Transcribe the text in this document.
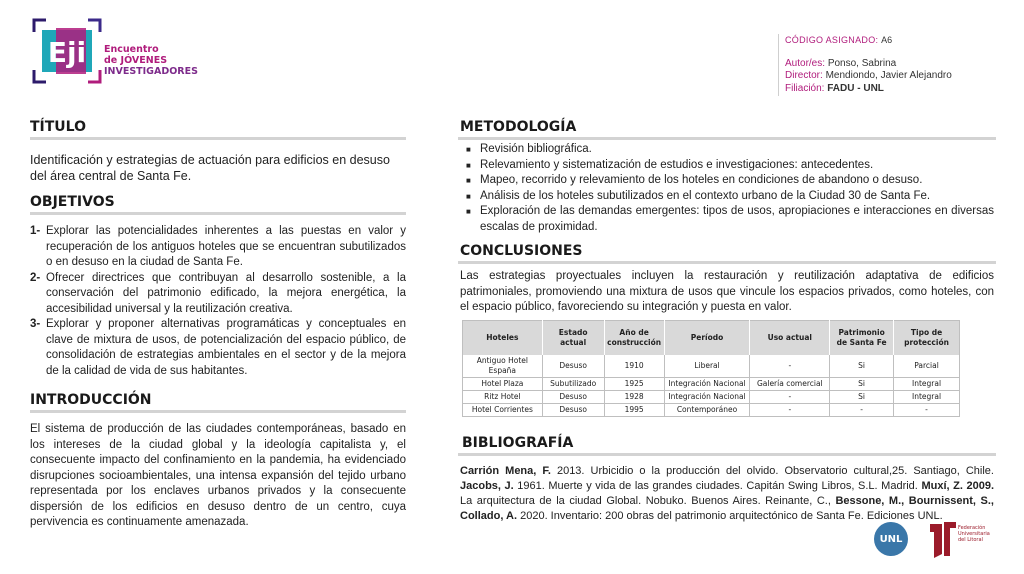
Eji Encuentro
de JÓVENES
INVESTIGADORES
CÓDIGO ASIGNADO: A6
Autor/es: Ponso, Sabrina
Director: Mendiondo, Javier Alejandro
Filiación: FADU - UNL
TÍTULO
Identificación y estrategias de actuación para edificios en desuso del área central de Santa Fe.
OBJETIVOS
1- Explorar las potencialidades inherentes a las puestas en valor y recuperación de los antiguos hoteles que se encuentran subutilizados o en desuso en la ciudad de Santa Fe.
2- Ofrecer directrices que contribuyan al desarrollo sostenible, a la conservación del patrimonio edificado, la mejora energética, la accesibilidad universal y la reutilización creativa.
3- Explorar y proponer alternativas programáticas y conceptuales en clave de mixtura de usos, de potencialización del espacio público, de consolidación de estrategias ambientales en el sector y de la mejora de la calidad de vida de sus habitantes.
INTRODUCCIÓN
El sistema de producción de las ciudades contemporáneas, basado en los intereses de la ciudad global y la ideología capitalista y, el consecuente impacto del confinamiento en la pandemia, ha evidenciado disrupciones socioambientales, una intensa expansión del tejido urbano representada por los enclaves urbanos privados y la consecuente dispersión de los edificios en desuso dentro de un centro, cuya pervivencia es continuamente amenazada.
METODOLOGÍA
■ Revisión bibliográfica.
■ Relevamiento y sistematización de estudios e investigaciones: antecedentes.
■ Mapeo, recorrido y relevamiento de los hoteles en condiciones de abandono o desuso.
■ Análisis de los hoteles subutilizados en el contexto urbano de la Ciudad 30 de Santa Fe.
■ Exploración de las demandas emergentes: tipos de usos, apropiaciones e interacciones en diversas escalas de proximidad.
CONCLUSIONES
Las estrategias proyectuales incluyen la restauración y reutilización adaptativa de edificios patrimoniales, promoviendo una mixtura de usos que vincule los espacios privados, como hoteles, con el espacio público, favoreciendo su integración y puesta en valor.
Hoteles	Estado actual	Año de construcción	Período	Uso actual	Patrimonio de Santa Fe	Tipo de protección
Antiguo Hotel España	Desuso	1910	Liberal	-	Si	Parcial
Hotel Plaza	Subutilizado	1925	Integración Nacional	Galería comercial	Si	Integral
Ritz Hotel	Desuso	1928	Integración Nacional	-	Si	Integral
Hotel Corrientes	Desuso	1995	Contemporáneo	-	-	-
BIBLIOGRAFÍA
Carrión Mena, F. 2013. Urbicidio o la producción del olvido. Observatorio cultural,25. Santiago, Chile. Jacobs, J. 1961. Muerte y vida de las grandes ciudades. Capitán Swing Libros, S.L. Madrid. Muxí, Z. 2009. La arquitectura de la ciudad Global. Nobuko. Buenos Aires. Reinante, C., Bessone, M., Bournissent, S., Collado, A. 2020. Inventario: 200 obras del patrimonio arquitectónico de Santa Fe. Ediciones UNL.
UNL
Federación
Universitaria
del Litoral
